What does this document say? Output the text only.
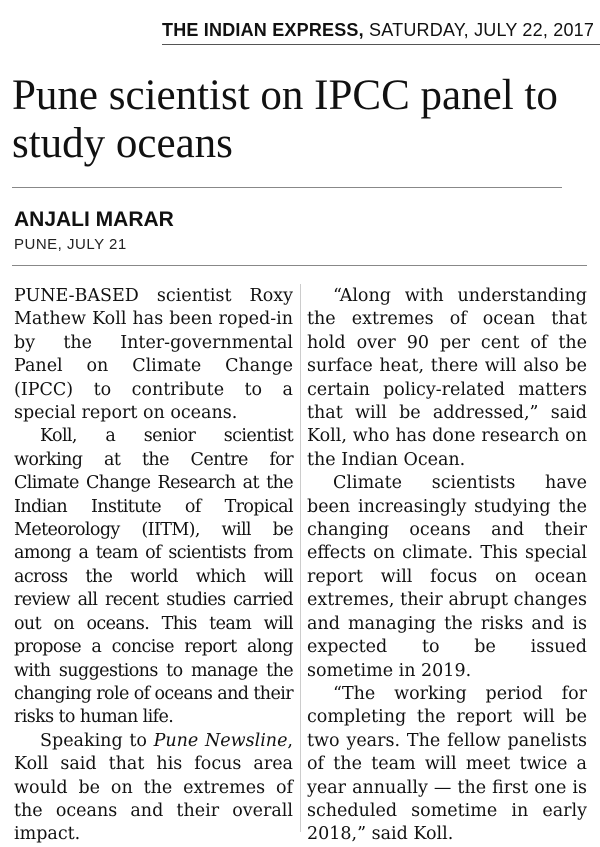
THE INDIAN EXPRESS, SATURDAY, JULY 22, 2017
Pune scientist on IPCC panel to study oceans
ANJALI MARAR
PUNE, JULY 21

PUNE-BASED scientist Roxy Mathew Koll has been roped-in by the Inter-governmental Panel on Climate Change (IPCC) to contribute to a special report on oceans.

Koll, a senior scientist working at the Centre for Climate Change Research at the Indian Institute of Tropical Meteorology (IITM), will be among a team of scientists from across the world which will review all recent studies carried out on oceans. This team will propose a concise report along with suggestions to manage the changing role of oceans and their risks to human life.

Speaking to Pune Newsline, Koll said that his focus area would be on the extremes of the oceans and their overall impact.

“Along with understanding the extremes of ocean that hold over 90 per cent of the surface heat, there will also be certain policy-related matters that will be addressed,” said Koll, who has done research on the Indian Ocean.

Climate scientists have been increasingly studying the changing oceans and their effects on climate. This special report will focus on ocean extremes, their abrupt changes and managing the risks and is expected to be issued sometime in 2019.

“The working period for completing the report will be two years. The fellow panelists of the team will meet twice a year annually — the first one is scheduled sometime in early 2018,” said Koll.
